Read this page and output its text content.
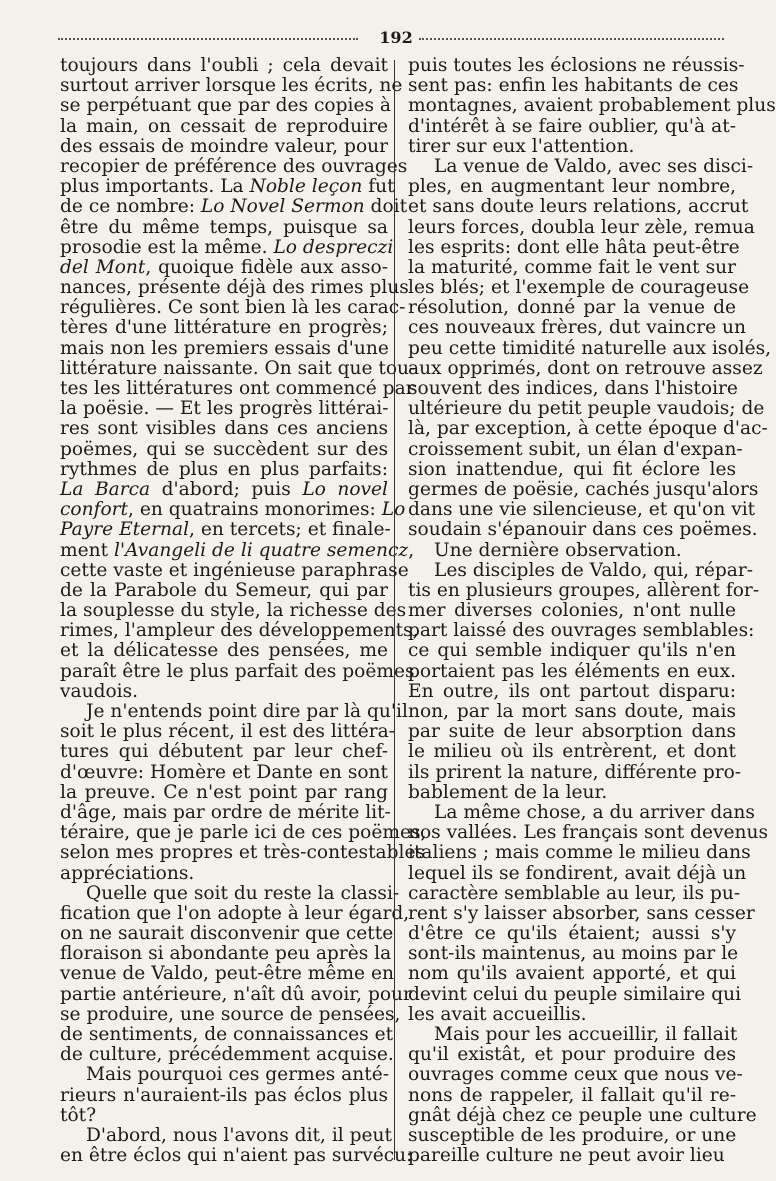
192
toujours dans l'oubli ; cela devait
surtout arriver lorsque les écrits, ne
se perpétuant que par des copies à
la main, on cessait de reproduire
des essais de moindre valeur, pour
recopier de préférence des ouvrages
plus importants. La Noble leçon fut
de ce nombre: Lo Novel Sermon doit
être du même temps, puisque sa
prosodie est la même. Lo despreczi
del Mont, quoique fidèle aux asso-
nances, présente déjà des rimes plus
régulières. Ce sont bien là les carac-
tères d'une littérature en progrès;
mais non les premiers essais d'une
littérature naissante. On sait que tou-
tes les littératures ont commencé par
la poësie. — Et les progrès littérai-
res sont visibles dans ces anciens
poëmes, qui se succèdent sur des
rythmes de plus en plus parfaits:
La Barca d'abord; puis Lo novel
confort, en quatrains monorimes: Lo
Payre Eternal, en tercets; et finale-
ment l'Avangeli de li quatre semencz,
cette vaste et ingénieuse paraphrase
de la Parabole du Semeur, qui par
la souplesse du style, la richesse des
rimes, l'ampleur des développements,
et la délicatesse des pensées, me
paraît être le plus parfait des poëmes
vaudois.
Je n'entends point dire par là qu'il
soit le plus récent, il est des littéra-
tures qui débutent par leur chef-
d'œuvre: Homère et Dante en sont
la preuve. Ce n'est point par rang
d'âge, mais par ordre de mérite lit-
téraire, que je parle ici de ces poëmes,
selon mes propres et très-contestables
appréciations.
Quelle que soit du reste la classi-
fication que l'on adopte à leur égard,
on ne saurait disconvenir que cette
floraison si abondante peu après la
venue de Valdo, peut-être même en
partie antérieure, n'aît dû avoir, pour
se produire, une source de pensées,
de sentiments, de connaissances et
de culture, précédemment acquise.
Mais pourquoi ces germes anté-
rieurs n'auraient-ils pas éclos plus
tôt?
D'abord, nous l'avons dit, il peut
en être éclos qui n'aient pas survécu:
puis toutes les éclosions ne réussis-
sent pas: enfin les habitants de ces
montagnes, avaient probablement plus
d'intérêt à se faire oublier, qu'à at-
tirer sur eux l'attention.
La venue de Valdo, avec ses disci-
ples, en augmentant leur nombre,
et sans doute leurs relations, accrut
leurs forces, doubla leur zèle, remua
les esprits: dont elle hâta peut-être
la maturité, comme fait le vent sur
les blés; et l'exemple de courageuse
résolution, donné par la venue de
ces nouveaux frères, dut vaincre un
peu cette timidité naturelle aux isolés,
aux opprimés, dont on retrouve assez
souvent des indices, dans l'histoire
ultérieure du petit peuple vaudois; de
là, par exception, à cette époque d'ac-
croissement subit, un élan d'expan-
sion inattendue, qui fit éclore les
germes de poësie, cachés jusqu'alors
dans une vie silencieuse, et qu'on vit
soudain s'épanouir dans ces poëmes.
Une dernière observation.
Les disciples de Valdo, qui, répar-
tis en plusieurs groupes, allèrent for-
mer diverses colonies, n'ont nulle
part laissé des ouvrages semblables:
ce qui semble indiquer qu'ils n'en
portaient pas les éléments en eux.
En outre, ils ont partout disparu:
non, par la mort sans doute, mais
par suite de leur absorption dans
le milieu où ils entrèrent, et dont
ils prirent la nature, différente pro-
bablement de la leur.
La même chose, a du arriver dans
nos vallées. Les français sont devenus
italiens ; mais comme le milieu dans
lequel ils se fondirent, avait déjà un
caractère semblable au leur, ils pu-
rent s'y laisser absorber, sans cesser
d'être ce qu'ils étaient; aussi s'y
sont-ils maintenus, au moins par le
nom qu'ils avaient apporté, et qui
devint celui du peuple similaire qui
les avait accueillis.
Mais pour les accueillir, il fallait
qu'il existât, et pour produire des
ouvrages comme ceux que nous ve-
nons de rappeler, il fallait qu'il re-
gnât déjà chez ce peuple une culture
susceptible de les produire, or une
pareille culture ne peut avoir lieu
